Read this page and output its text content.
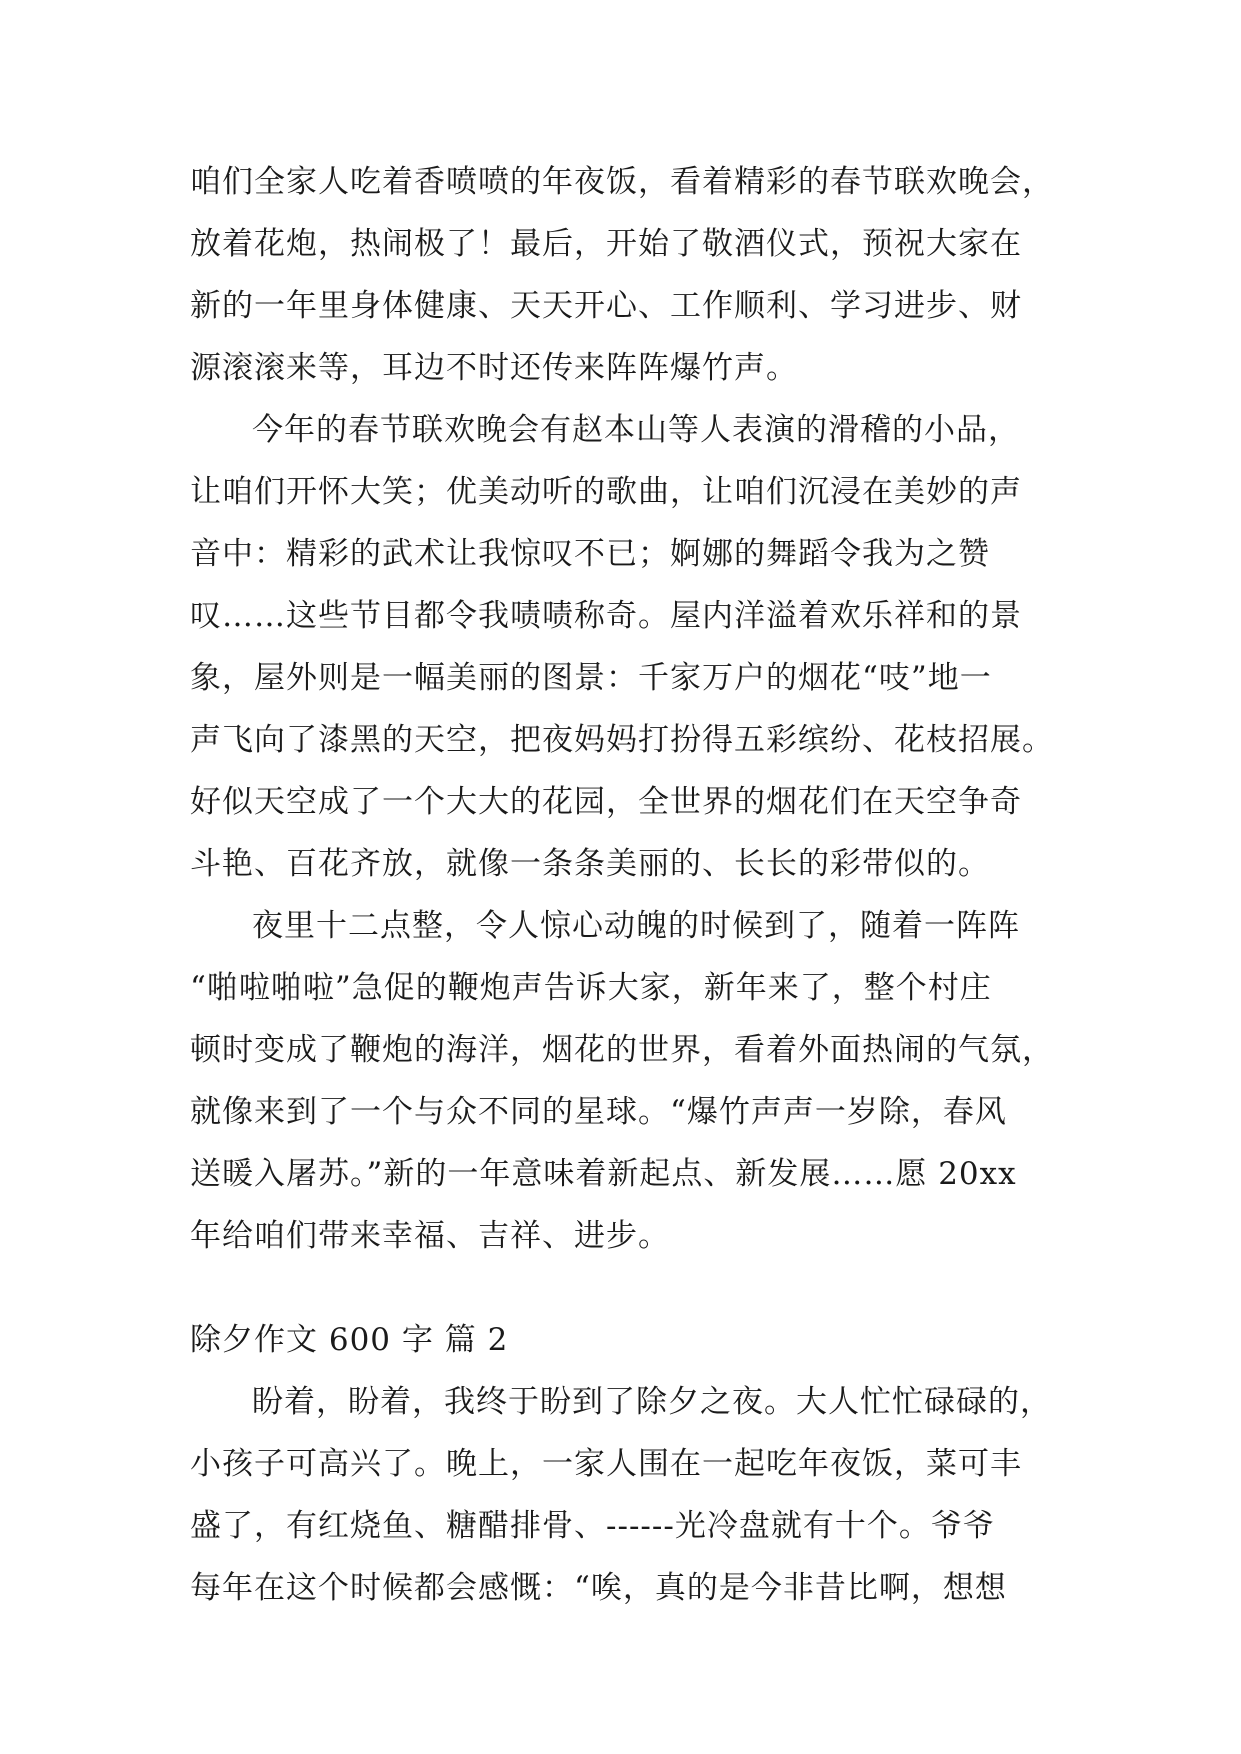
咱们全家人吃着香喷喷的年夜饭，看着精彩的春节联欢晚会，
放着花炮，热闹极了！最后，开始了敬酒仪式，预祝大家在
新的一年里身体健康、天天开心、工作顺利、学习进步、财
源滚滚来等，耳边不时还传来阵阵爆竹声。
今年的春节联欢晚会有赵本山等人表演的滑稽的小品，
让咱们开怀大笑；优美动听的歌曲，让咱们沉浸在美妙的声
音中：精彩的武术让我惊叹不已；婀娜的舞蹈令我为之赞
叹……这些节目都令我啧啧称奇。屋内洋溢着欢乐祥和的景
象，屋外则是一幅美丽的图景：千家万户的烟花“吱”地一
声飞向了漆黑的天空，把夜妈妈打扮得五彩缤纷、花枝招展。
好似天空成了一个大大的花园，全世界的烟花们在天空争奇
斗艳、百花齐放，就像一条条美丽的、长长的彩带似的。
夜里十二点整，令人惊心动魄的时候到了，随着一阵阵
“啪啦啪啦”急促的鞭炮声告诉大家，新年来了，整个村庄
顿时变成了鞭炮的海洋，烟花的世界，看着外面热闹的气氛，
就像来到了一个与众不同的星球。“爆竹声声一岁除，春风
送暖入屠苏。”新的一年意味着新起点、新发展……愿 20xx
年给咱们带来幸福、吉祥、进步。
除夕作文 600 字 篇 2
盼着，盼着，我终于盼到了除夕之夜。大人忙忙碌碌的，
小孩子可高兴了。晚上，一家人围在一起吃年夜饭，菜可丰
盛了，有红烧鱼、糖醋排骨、------光冷盘就有十个。爷爷
每年在这个时候都会感慨：“唉，真的是今非昔比啊，想想
